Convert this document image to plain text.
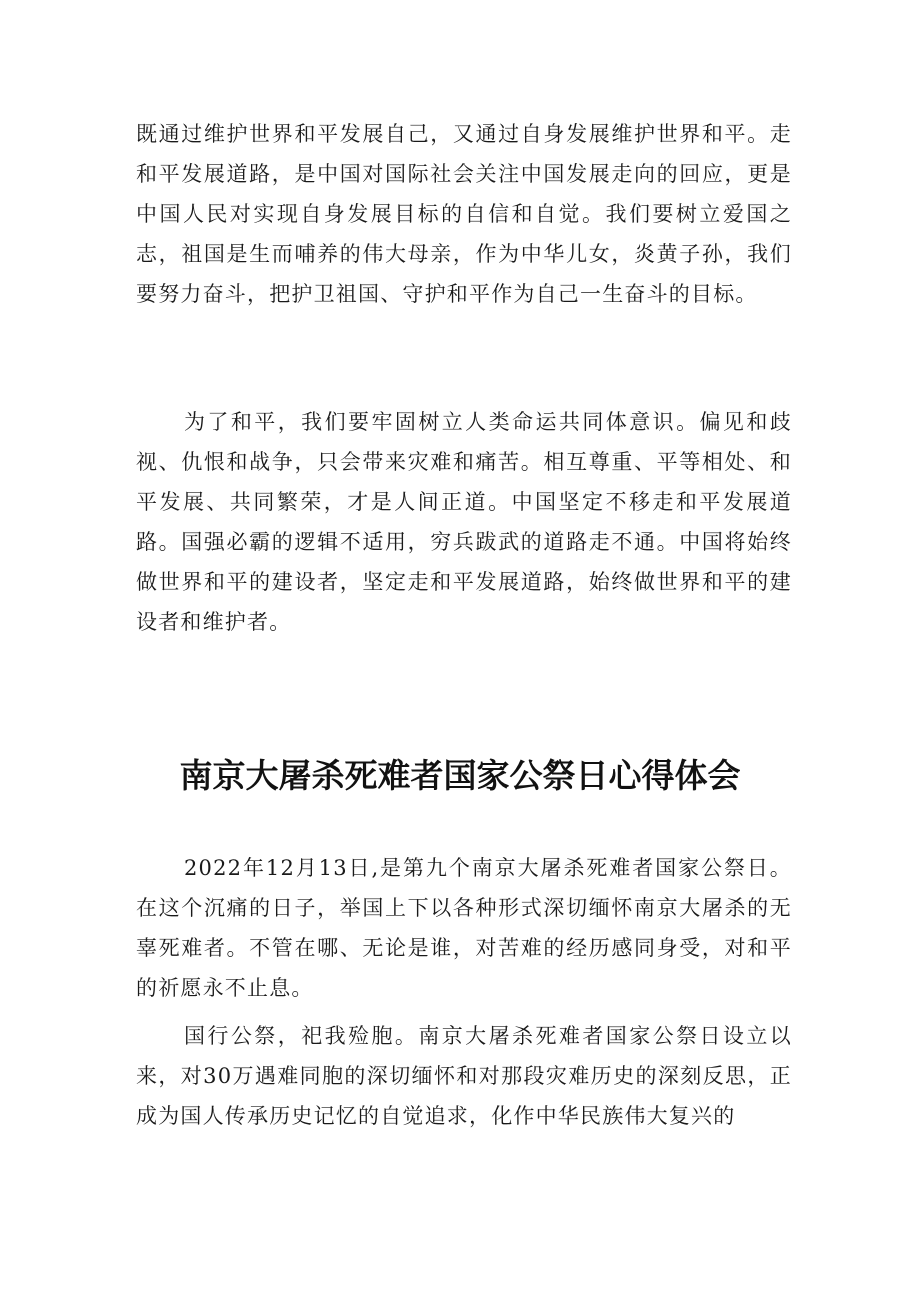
既通过维护世界和平发展自己，又通过自身发展维护世界和平。走和平发展道路，是中国对国际社会关注中国发展走向的回应，更是中国人民对实现自身发展目标的自信和自觉。我们要树立爱国之志，祖国是生而哺养的伟大母亲，作为中华儿女，炎黄子孙，我们要努力奋斗，把护卫祖国、守护和平作为自己一生奋斗的目标。

为了和平，我们要牢固树立人类命运共同体意识。偏见和歧视、仇恨和战争，只会带来灾难和痛苦。相互尊重、平等相处、和平发展、共同繁荣，才是人间正道。中国坚定不移走和平发展道路。国强必霸的逻辑不适用，穷兵跋武的道路走不通。中国将始终做世界和平的建设者，坚定走和平发展道路，始终做世界和平的建设者和维护者。

南京大屠杀死难者国家公祭日心得体会

2022年12月13日,是第九个南京大屠杀死难者国家公祭日。在这个沉痛的日子，举国上下以各种形式深切缅怀南京大屠杀的无辜死难者。不管在哪、无论是谁，对苦难的经历感同身受，对和平的祈愿永不止息。

国行公祭，祀我殓胞。南京大屠杀死难者国家公祭日设立以来，对30万遇难同胞的深切缅怀和对那段灾难历史的深刻反思，正成为国人传承历史记忆的自觉追求，化作中华民族伟大复兴的
